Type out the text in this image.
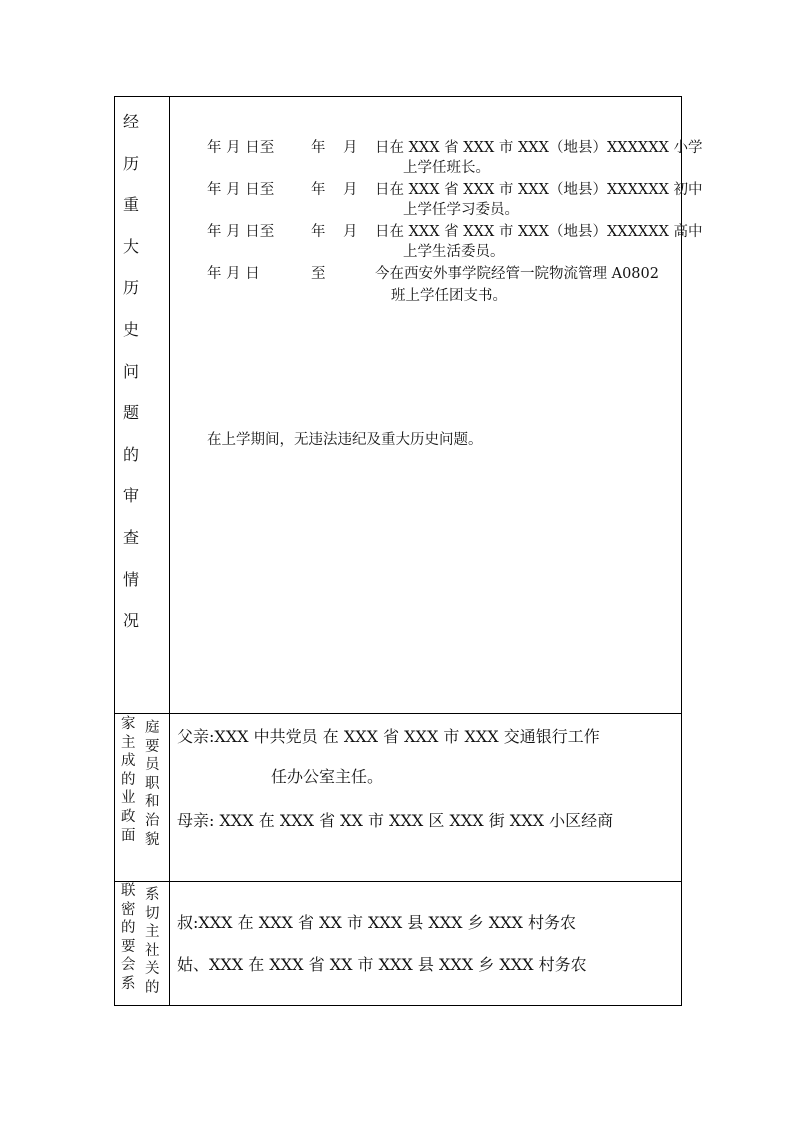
经
历
重
大
历
史
问
题
的
审
查
情
况
年 月 日至	年 月 日在 XXX 省 XXX 市 XXX（地县）XXXXXX 小学
上学任班长。
年 月 日至	年 月 日在 XXX 省 XXX 市 XXX（地县）XXXXXX 初中
上学任学习委员。
年 月 日至	年 月 日在 XXX 省 XXX 市 XXX（地县）XXXXXX 高中
上学生活委员。
年 月 日	至	今在西安外事学院经管一院物流管理 A0802
班上学任团支书。
在上学期间，无违法违纪及重大历史问题。
家 庭
主 要
成 员
的 职
业 和
政 治
面 貌
父亲:XXX 中共党员 在 XXX 省 XXX 市 XXX 交通银行工作
任办公室主任。
母亲: XXX 在 XXX 省 XX 市 XXX 区 XXX 街 XXX 小区经商
联 系
密 切
的 主
要 社
会 关
系 的
叔:XXX 在 XXX 省 XX 市 XXX 县 XXX 乡 XXX 村务农
姑、XXX 在 XXX 省 XX 市 XXX 县 XXX 乡 XXX 村务农
